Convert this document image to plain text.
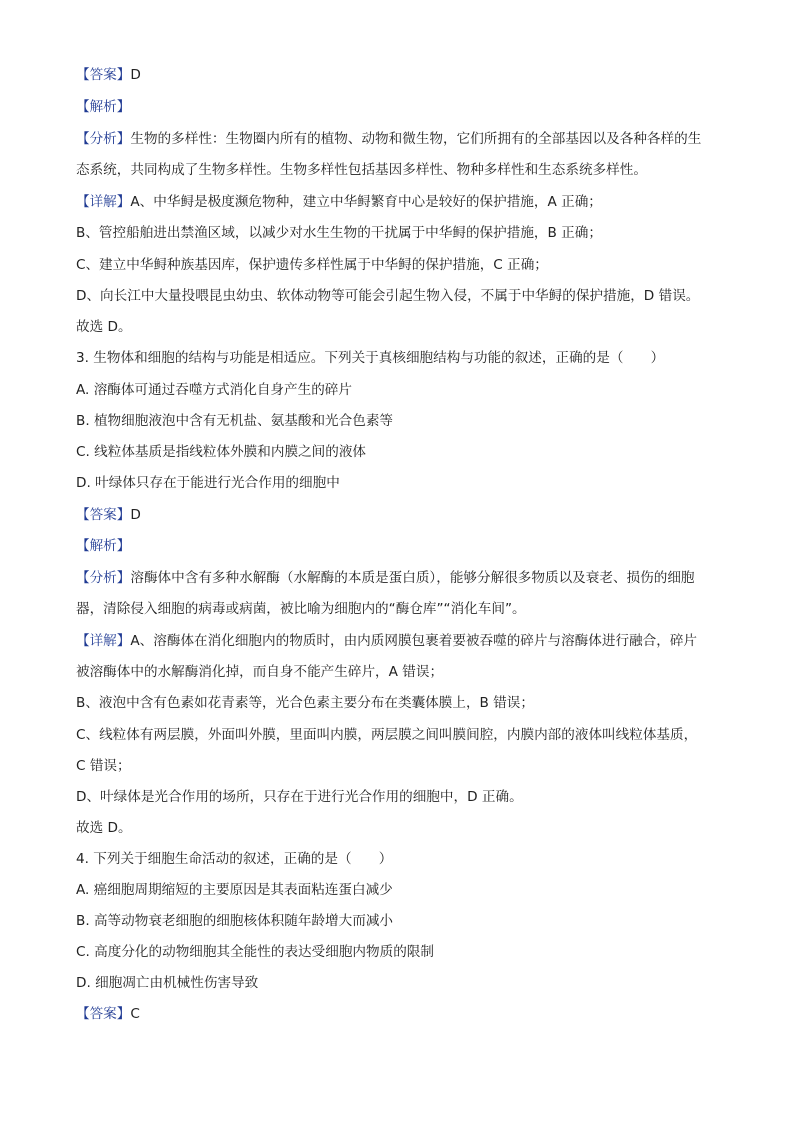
【答案】D
【解析】
【分析】生物的多样性：生物圈内所有的植物、动物和微生物，它们所拥有的全部基因以及各种各样的生
态系统，共同构成了生物多样性。生物多样性包括基因多样性、物种多样性和生态系统多样性。
【详解】A、中华鲟是极度濒危物种，建立中华鲟繁育中心是较好的保护措施，A 正确；
B、管控船舶进出禁渔区域，以减少对水生生物的干扰属于中华鲟的保护措施，B 正确；
C、建立中华鲟种族基因库，保护遗传多样性属于中华鲟的保护措施，C 正确；
D、向长江中大量投喂昆虫幼虫、软体动物等可能会引起生物入侵，不属于中华鲟的保护措施，D 错误。
故选 D。
3. 生物体和细胞的结构与功能是相适应。下列关于真核细胞结构与功能的叙述，正确的是（　　）
A. 溶酶体可通过吞噬方式消化自身产生的碎片
B. 植物细胞液泡中含有无机盐、氨基酸和光合色素等
C. 线粒体基质是指线粒体外膜和内膜之间的液体
D. 叶绿体只存在于能进行光合作用的细胞中
【答案】D
【解析】
【分析】溶酶体中含有多种水解酶（水解酶的本质是蛋白质），能够分解很多物质以及衰老、损伤的细胞
器，清除侵入细胞的病毒或病菌，被比喻为细胞内的“酶仓库”“消化车间”。
【详解】A、溶酶体在消化细胞内的物质时，由内质网膜包裹着要被吞噬的碎片与溶酶体进行融合，碎片
被溶酶体中的水解酶消化掉，而自身不能产生碎片，A 错误；
B、液泡中含有色素如花青素等，光合色素主要分布在类囊体膜上，B 错误；
C、线粒体有两层膜，外面叫外膜，里面叫内膜，两层膜之间叫膜间腔，内膜内部的液体叫线粒体基质，
C 错误；
D、叶绿体是光合作用的场所，只存在于进行光合作用的细胞中，D 正确。
故选 D。
4. 下列关于细胞生命活动的叙述，正确的是（　　）
A. 癌细胞周期缩短的主要原因是其表面粘连蛋白减少
B. 高等动物衰老细胞的细胞核体积随年龄增大而减小
C. 高度分化的动物细胞其全能性的表达受细胞内物质的限制
D. 细胞凋亡由机械性伤害导致
【答案】C
